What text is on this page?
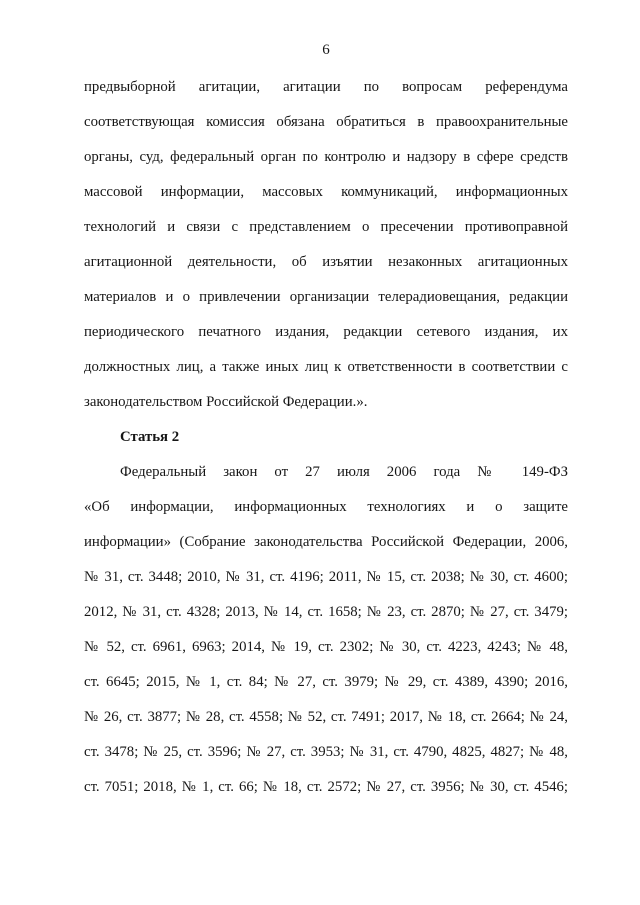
6
предвыборной агитации, агитации по вопросам референдума
соответствующая комиссия обязана обратиться в правоохранительные
органы, суд, федеральный орган по контролю и надзору в сфере средств
массовой информации, массовых коммуникаций, информационных
технологий и связи с представлением о пресечении противоправной
агитационной деятельности, об изъятии незаконных агитационных
материалов и о привлечении организации телерадиовещания, редакции
периодического печатного издания, редакции сетевого издания, их
должностных лиц, а также иных лиц к ответственности в соответствии с
законодательством Российской Федерации.».
Статья 2
Федеральный закон от 27 июля 2006 года № 149-ФЗ
«Об информации, информационных технологиях и о защите
информации» (Собрание законодательства Российской Федерации, 2006,
№ 31, ст. 3448; 2010, № 31, ст. 4196; 2011, № 15, ст. 2038; № 30, ст. 4600;
2012, № 31, ст. 4328; 2013, № 14, ст. 1658; № 23, ст. 2870; № 27, ст. 3479;
№ 52, ст. 6961, 6963; 2014, № 19, ст. 2302; № 30, ст. 4223, 4243; № 48,
ст. 6645; 2015, № 1, ст. 84; № 27, ст. 3979; № 29, ст. 4389, 4390; 2016,
№ 26, ст. 3877; № 28, ст. 4558; № 52, ст. 7491; 2017, № 18, ст. 2664; № 24,
ст. 3478; № 25, ст. 3596; № 27, ст. 3953; № 31, ст. 4790, 4825, 4827; № 48,
ст. 7051; 2018, № 1, ст. 66; № 18, ст. 2572; № 27, ст. 3956; № 30, ст. 4546;
